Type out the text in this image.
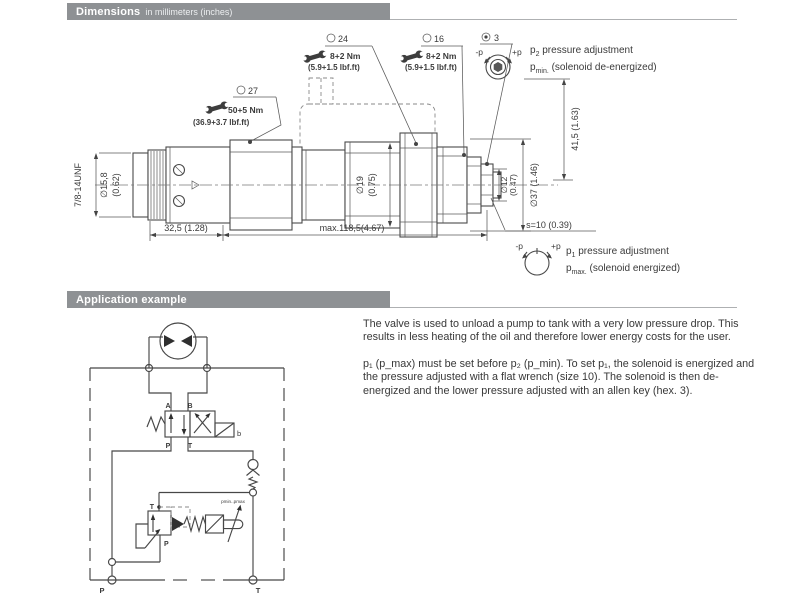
Dimensions in millimeters (inches)
7/8-14UNF ∅15,8 (0.62)	∅19 (0.75)	∅12 (0.47) ∅37 (1.46)
41,5 (1.63)
32,5 (1.28)	max.118,5(4.67)	s=10 (0.39)
27
50+5 Nm
(36.9+3.7 lbf.ft)
24
8+2 Nm
(5.9+1.5 lbf.ft)
16
8+2 Nm
(5.9+1.5 lbf.ft)
3
-p	+p
-p	+p
$p_2$ pressure adjustment
$p_{min.}$ (solenoid de-energized)
$p_1$ pressure adjustment
$p_{max.}$ (solenoid energized)
Application example
b
A B
P	T
T
pmin..pmax
P
P	T
The valve is used to unload a pump to tank with a very low pressure drop. This results in less heating of the oil and therefore lower energy costs for the user.
p₁ (p_max) must be set before p₂ (p_min). To set p₁, the solenoid is energized and the pressure adjusted with a flat wrench (size 10). The solenoid is then de-energized and the lower pressure adjusted with an allen key (hex. 3).
